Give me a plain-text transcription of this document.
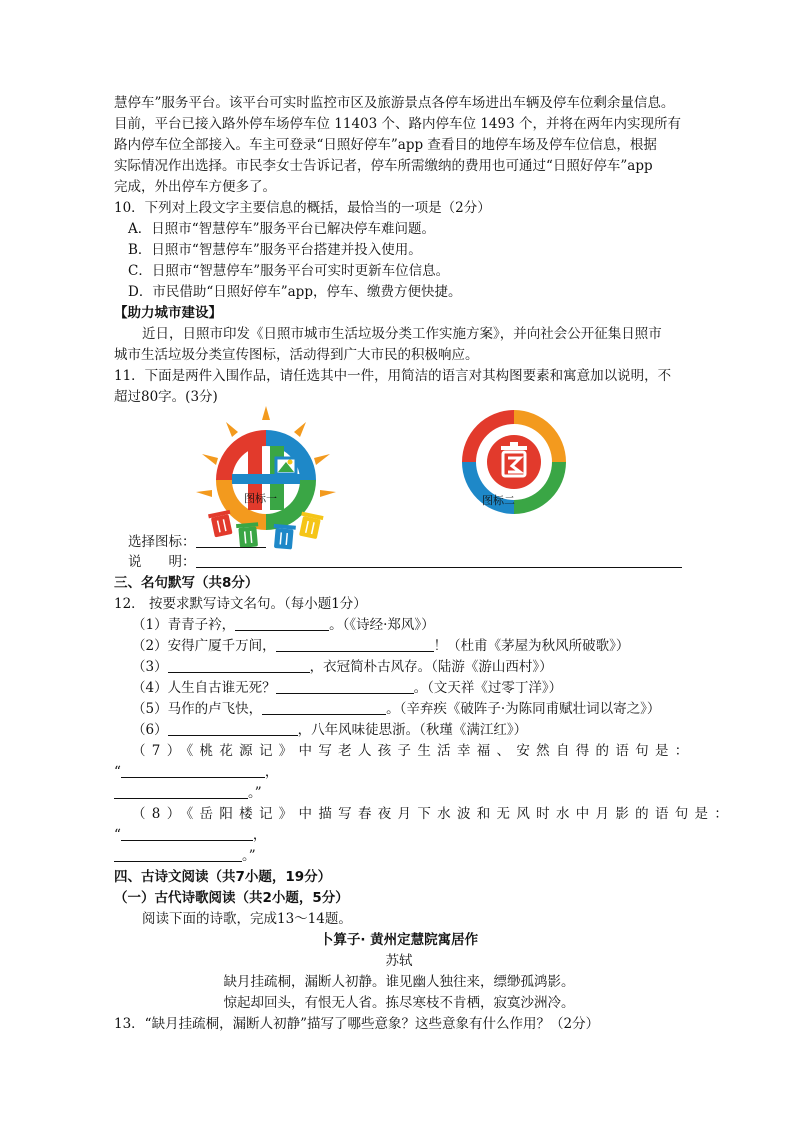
慧停车”服务平台。该平台可实时监控市区及旅游景点各停车场进出车辆及停车位剩余量信息。
目前，平台已接入路外停车场停车位 11403 个、路内停车位 1493 个，并将在两年内实现所有
路内停车位全部接入。车主可登录“日照好停车”app 查看目的地停车场及停车位信息，根据
实际情况作出选择。市民李女士告诉记者，停车所需缴纳的费用也可通过“日照好停车”app
完成，外出停车方便多了。
10．下列对上段文字主要信息的概括，最恰当的一项是（2分）
A．日照市“智慧停车”服务平台已解决停车难问题。
B．日照市“智慧停车”服务平台搭建并投入使用。
C．日照市“智慧停车”服务平台可实时更新车位信息。
D．市民借助“日照好停车”app，停车、缴费方便快捷。
【助力城市建设】
近日，日照市印发《日照市城市生活垃圾分类工作实施方案》，并向社会公开征集日照市
城市生活垃圾分类宣传图标，活动得到广大市民的积极响应。
11．下面是两件入围作品，请任选其中一件，用简洁的语言对其构图要素和寓意加以说明，不
超过80字。(3分)
图标一	图标二
选择图标：
说　　明：
三、名句默写（共8分）
12． 按要求默写诗文名句。（每小题1分）
（1）青青子衿，	。（《诗经·郑风》）
（2）安得广厦千万间，	！（杜甫《茅屋为秋风所破歌》）
（3）	，衣冠简朴古风存。（陆游《游山西村》）
（4）人生自古谁无死？	。（文天祥《过零丁洋》）
（5）马作的卢飞快，	。（辛弃疾《破阵子·为陈同甫赋壮词以寄之》）
（6）	，八年风味徒思浙。（秋瑾《满江红》）
（7）《桃花源记》中写老人孩子生活幸福、安然自得的语句是：
“	，
。”
（8）《岳阳楼记》中描写春夜月下水波和无风时水中月影的语句是：
“	，
。”
四、古诗文阅读（共7小题，19分）
（一）古代诗歌阅读（共2小题，5分）
阅读下面的诗歌，完成13～14题。
卜算子· 黄州定慧院寓居作
苏轼
缺月挂疏桐，漏断人初静。谁见幽人独往来，缥缈孤鸿影。
惊起却回头，有恨无人省。拣尽寒枝不肯栖，寂寞沙洲冷。
13．“缺月挂疏桐，漏断人初静”描写了哪些意象？这些意象有什么作用？（2分）
